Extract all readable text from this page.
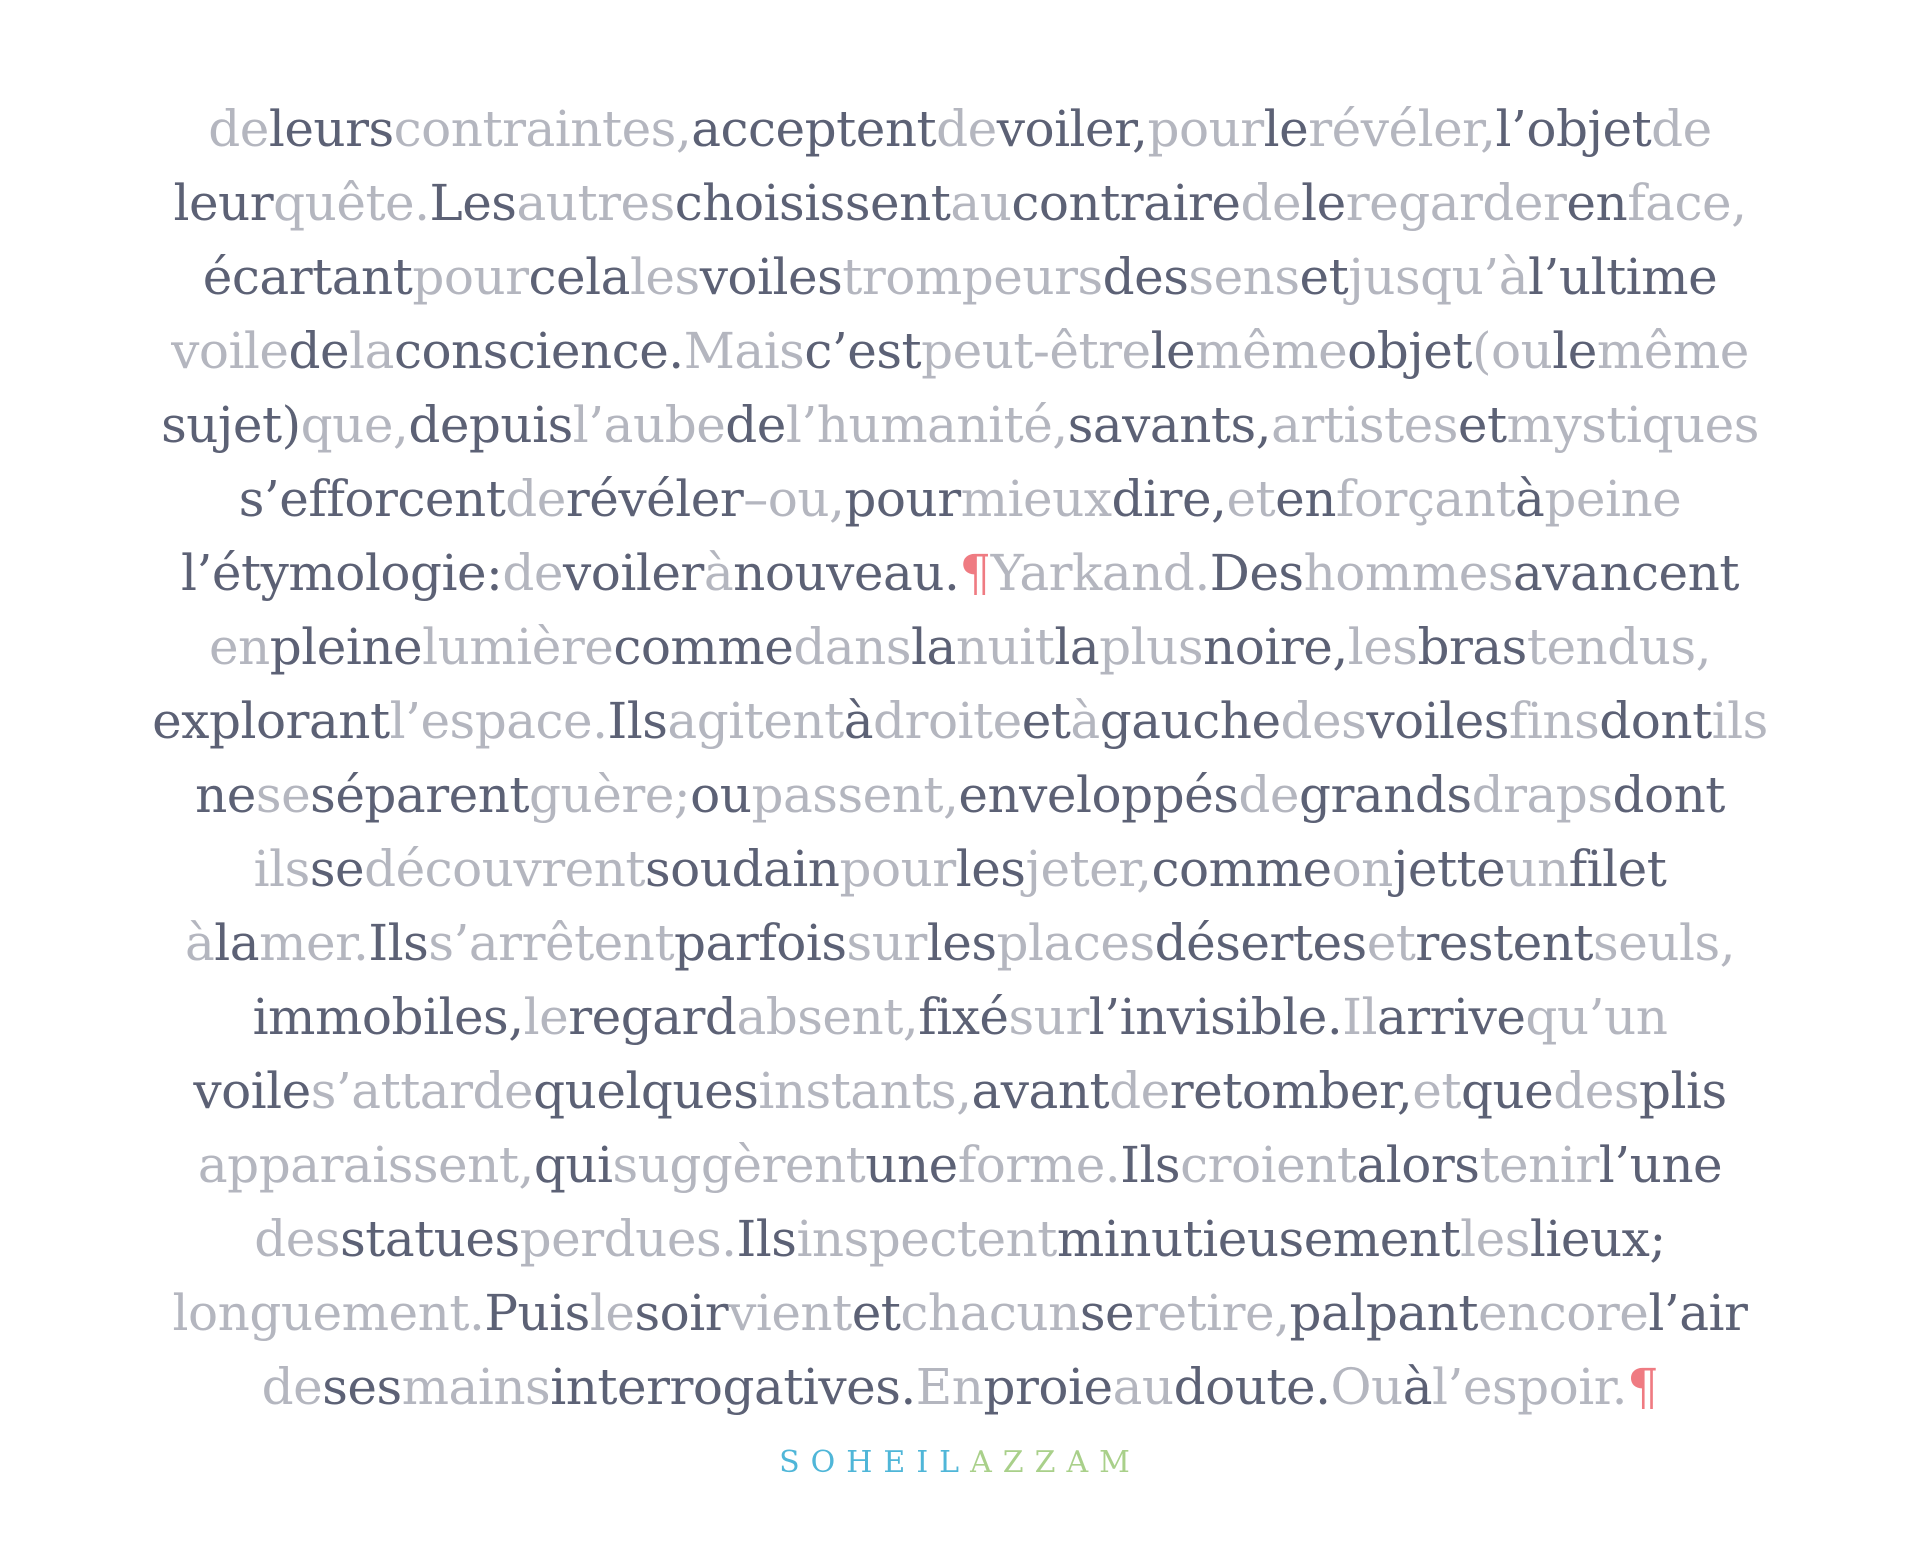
deleurscontraintes,acceptentdevoiler,pourlerévéler,l’objetde
leurquête.Lesautreschoisissentaucontrairedeleregarderenface,
écartantpourcelalesvoilestrompeursdessensetjusqu’àl’ultime
voiledelaconscience.Maisc’estpeut-êtrelemêmeobjet(oulemême
sujet)que,depuisl’aubedel’humanité,savants,artistesetmystiques
s’efforcentderévéler–ou,pourmieuxdire,etenforçantàpeine
l’étymologie:devoilerànouveau.¶Yarkand.Deshommesavancent
enpleinelumièrecommedanslanuitlaplusnoire,lesbrastendus,
explorantl’espace.Ilsagitentàdroiteetàgauchedesvoilesfinsdontils
neseséparentguère;oupassent,enveloppésdegrandsdrapsdont
ilssedécouvrentsoudainpourlesjeter,commeonjetteunfilet
àlamer.Ilss’arrêtentparfoissurlesplacesdésertesetrestentseuls,
immobiles,leregardabsent,fixésurl’invisible.Ilarrivequ’un
voiles’attardequelquesinstants,avantderetomber,etquedesplis
apparaissent,quisuggèrentuneforme.Ilscroientalorstenirl’une
desstatuesperdues.Ilsinspectentminutieusementleslieux;
longuement.Puislesoirvientetchacunseretire,palpantencorel’air
desesmainsinterrogatives.Enproieaudoute.Ouàl’espoir.¶
SOHEILAZZAM
